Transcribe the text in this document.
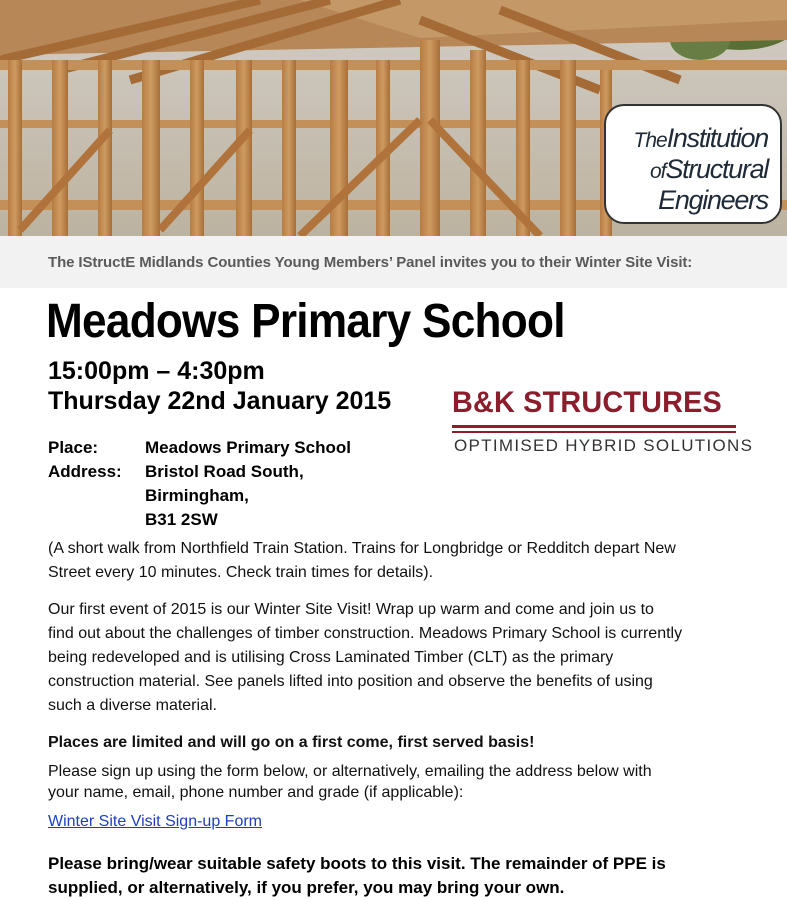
TheInstitution
ofStructural
Engineers
The IStructE Midlands Counties Young Members’ Panel invites you to their Winter Site Visit:
Meadows Primary School
15:00pm – 4:30pm
Thursday 22nd January 2015 B&K STRUCTURES
OPTIMISED HYBRID SOLUTIONS
Place:	Meadows Primary School
Address: Bristol Road South,
Birmingham,
B31 2SW
(A short walk from Northfield Train Station. Trains for Longbridge or Redditch depart New
Street every 10 minutes. Check train times for details).
Our first event of 2015 is our Winter Site Visit! Wrap up warm and come and join us to
find out about the challenges of timber construction. Meadows Primary School is currently
being redeveloped and is utilising Cross Laminated Timber (CLT) as the primary
construction material. See panels lifted into position and observe the benefits of using
such a diverse material.
Places are limited and will go on a first come, first served basis!
Please sign up using the form below, or alternatively, emailing the address below with
your name, email, phone number and grade (if applicable):
Winter Site Visit Sign-up Form
Please bring/wear suitable safety boots to this visit. The remainder of PPE is
supplied, or alternatively, if you prefer, you may bring your own.
